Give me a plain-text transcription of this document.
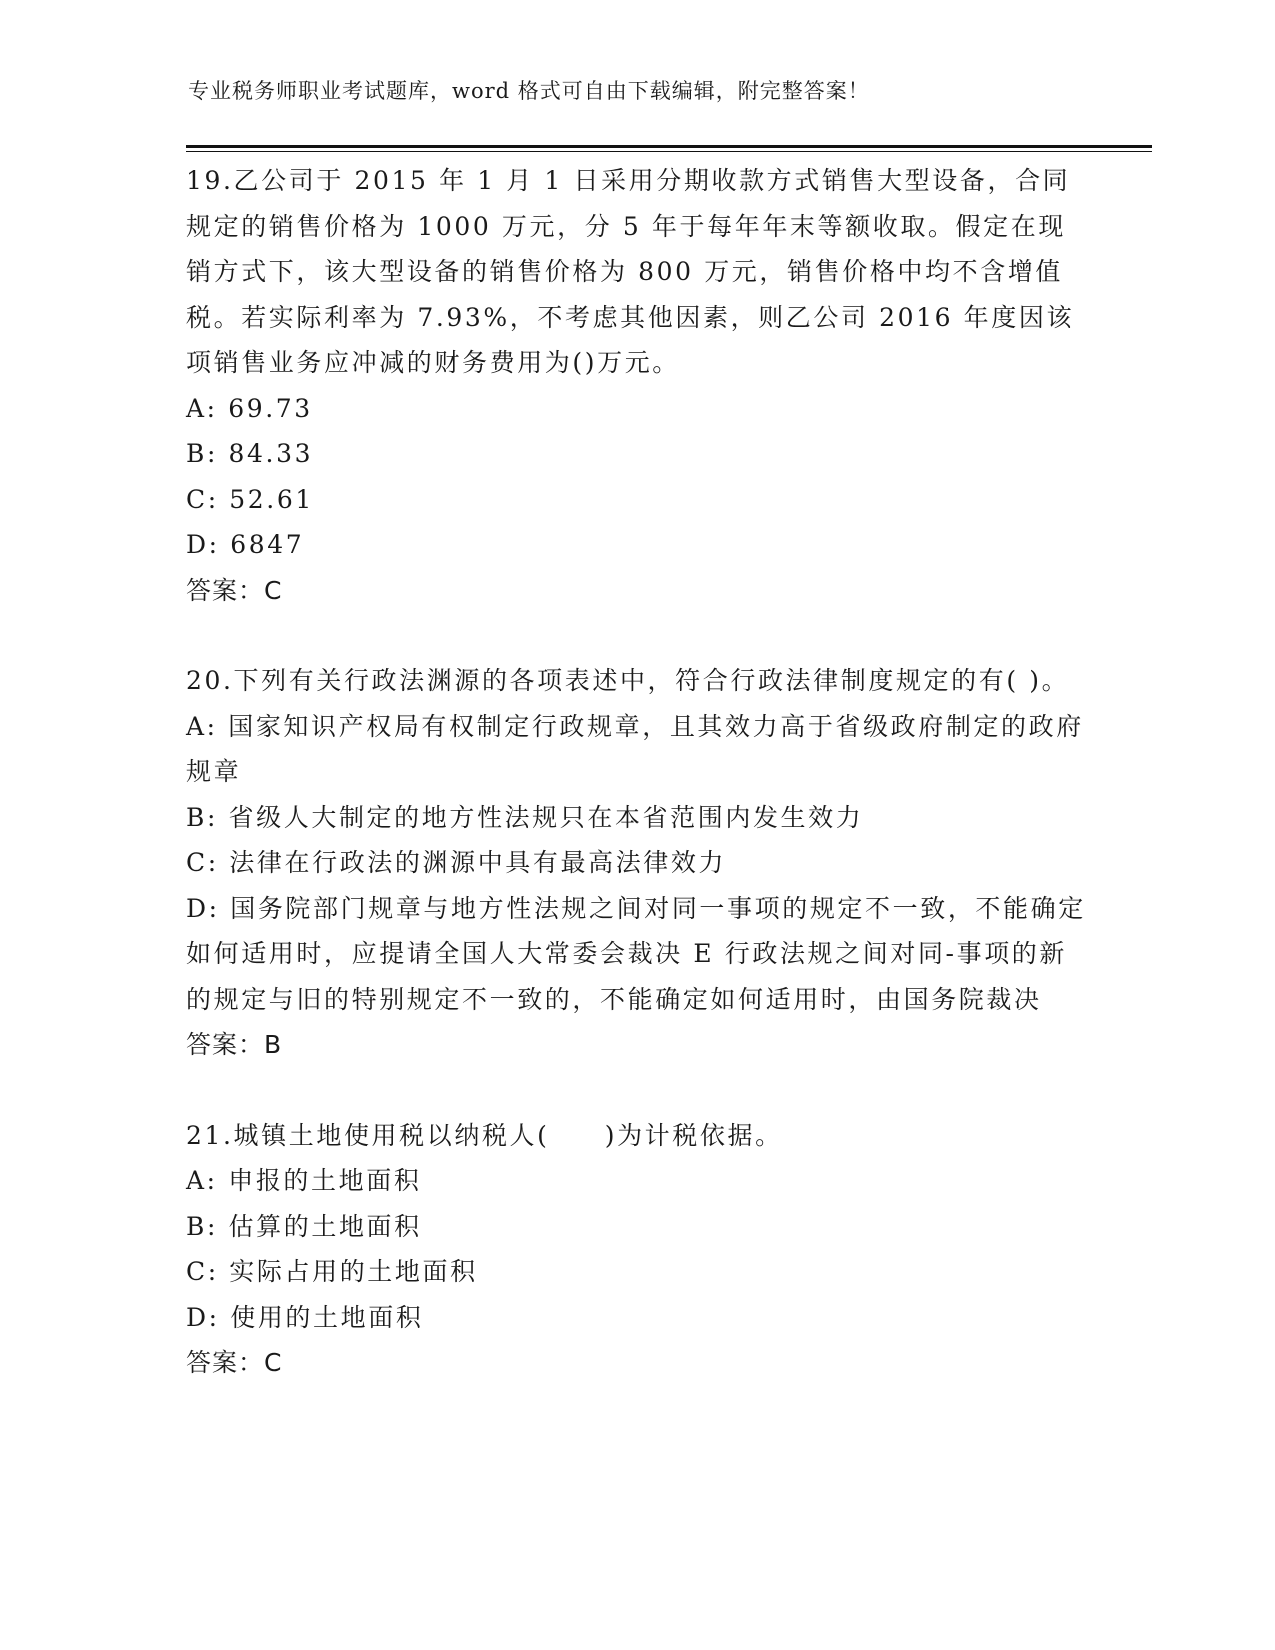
专业税务师职业考试题库，word 格式可自由下载编辑，附完整答案！

19.乙公司于 2015 年 1 月 1 日采用分期收款方式销售大型设备，合同规定的销售价格为 1000 万元，分 5 年于每年年末等额收取。假定在现销方式下，该大型设备的销售价格为 800 万元，销售价格中均不含增值税。若实际利率为 7.93%，不考虑其他因素，则乙公司 2016 年度因该项销售业务应冲减的财务费用为()万元。

A: 69.73

B: 84.33

C: 52.61

D: 6847

答案：C

20.下列有关行政法渊源的各项表述中，符合行政法律制度规定的有( )。

A: 国家知识产权局有权制定行政规章，且其效力高于省级政府制定的政府规章

B: 省级人大制定的地方性法规只在本省范围内发生效力

C: 法律在行政法的渊源中具有最高法律效力

D: 国务院部门规章与地方性法规之间对同一事项的规定不一致，不能确定如何适用时，应提请全国人大常委会裁决 E 行政法规之间对同-事项的新的规定与旧的特别规定不一致的，不能确定如何适用时，由国务院裁决

答案：B

21.城镇土地使用税以纳税人(　　)为计税依据。

A: 申报的土地面积

B: 估算的土地面积

C: 实际占用的土地面积

D: 使用的土地面积

答案：C
